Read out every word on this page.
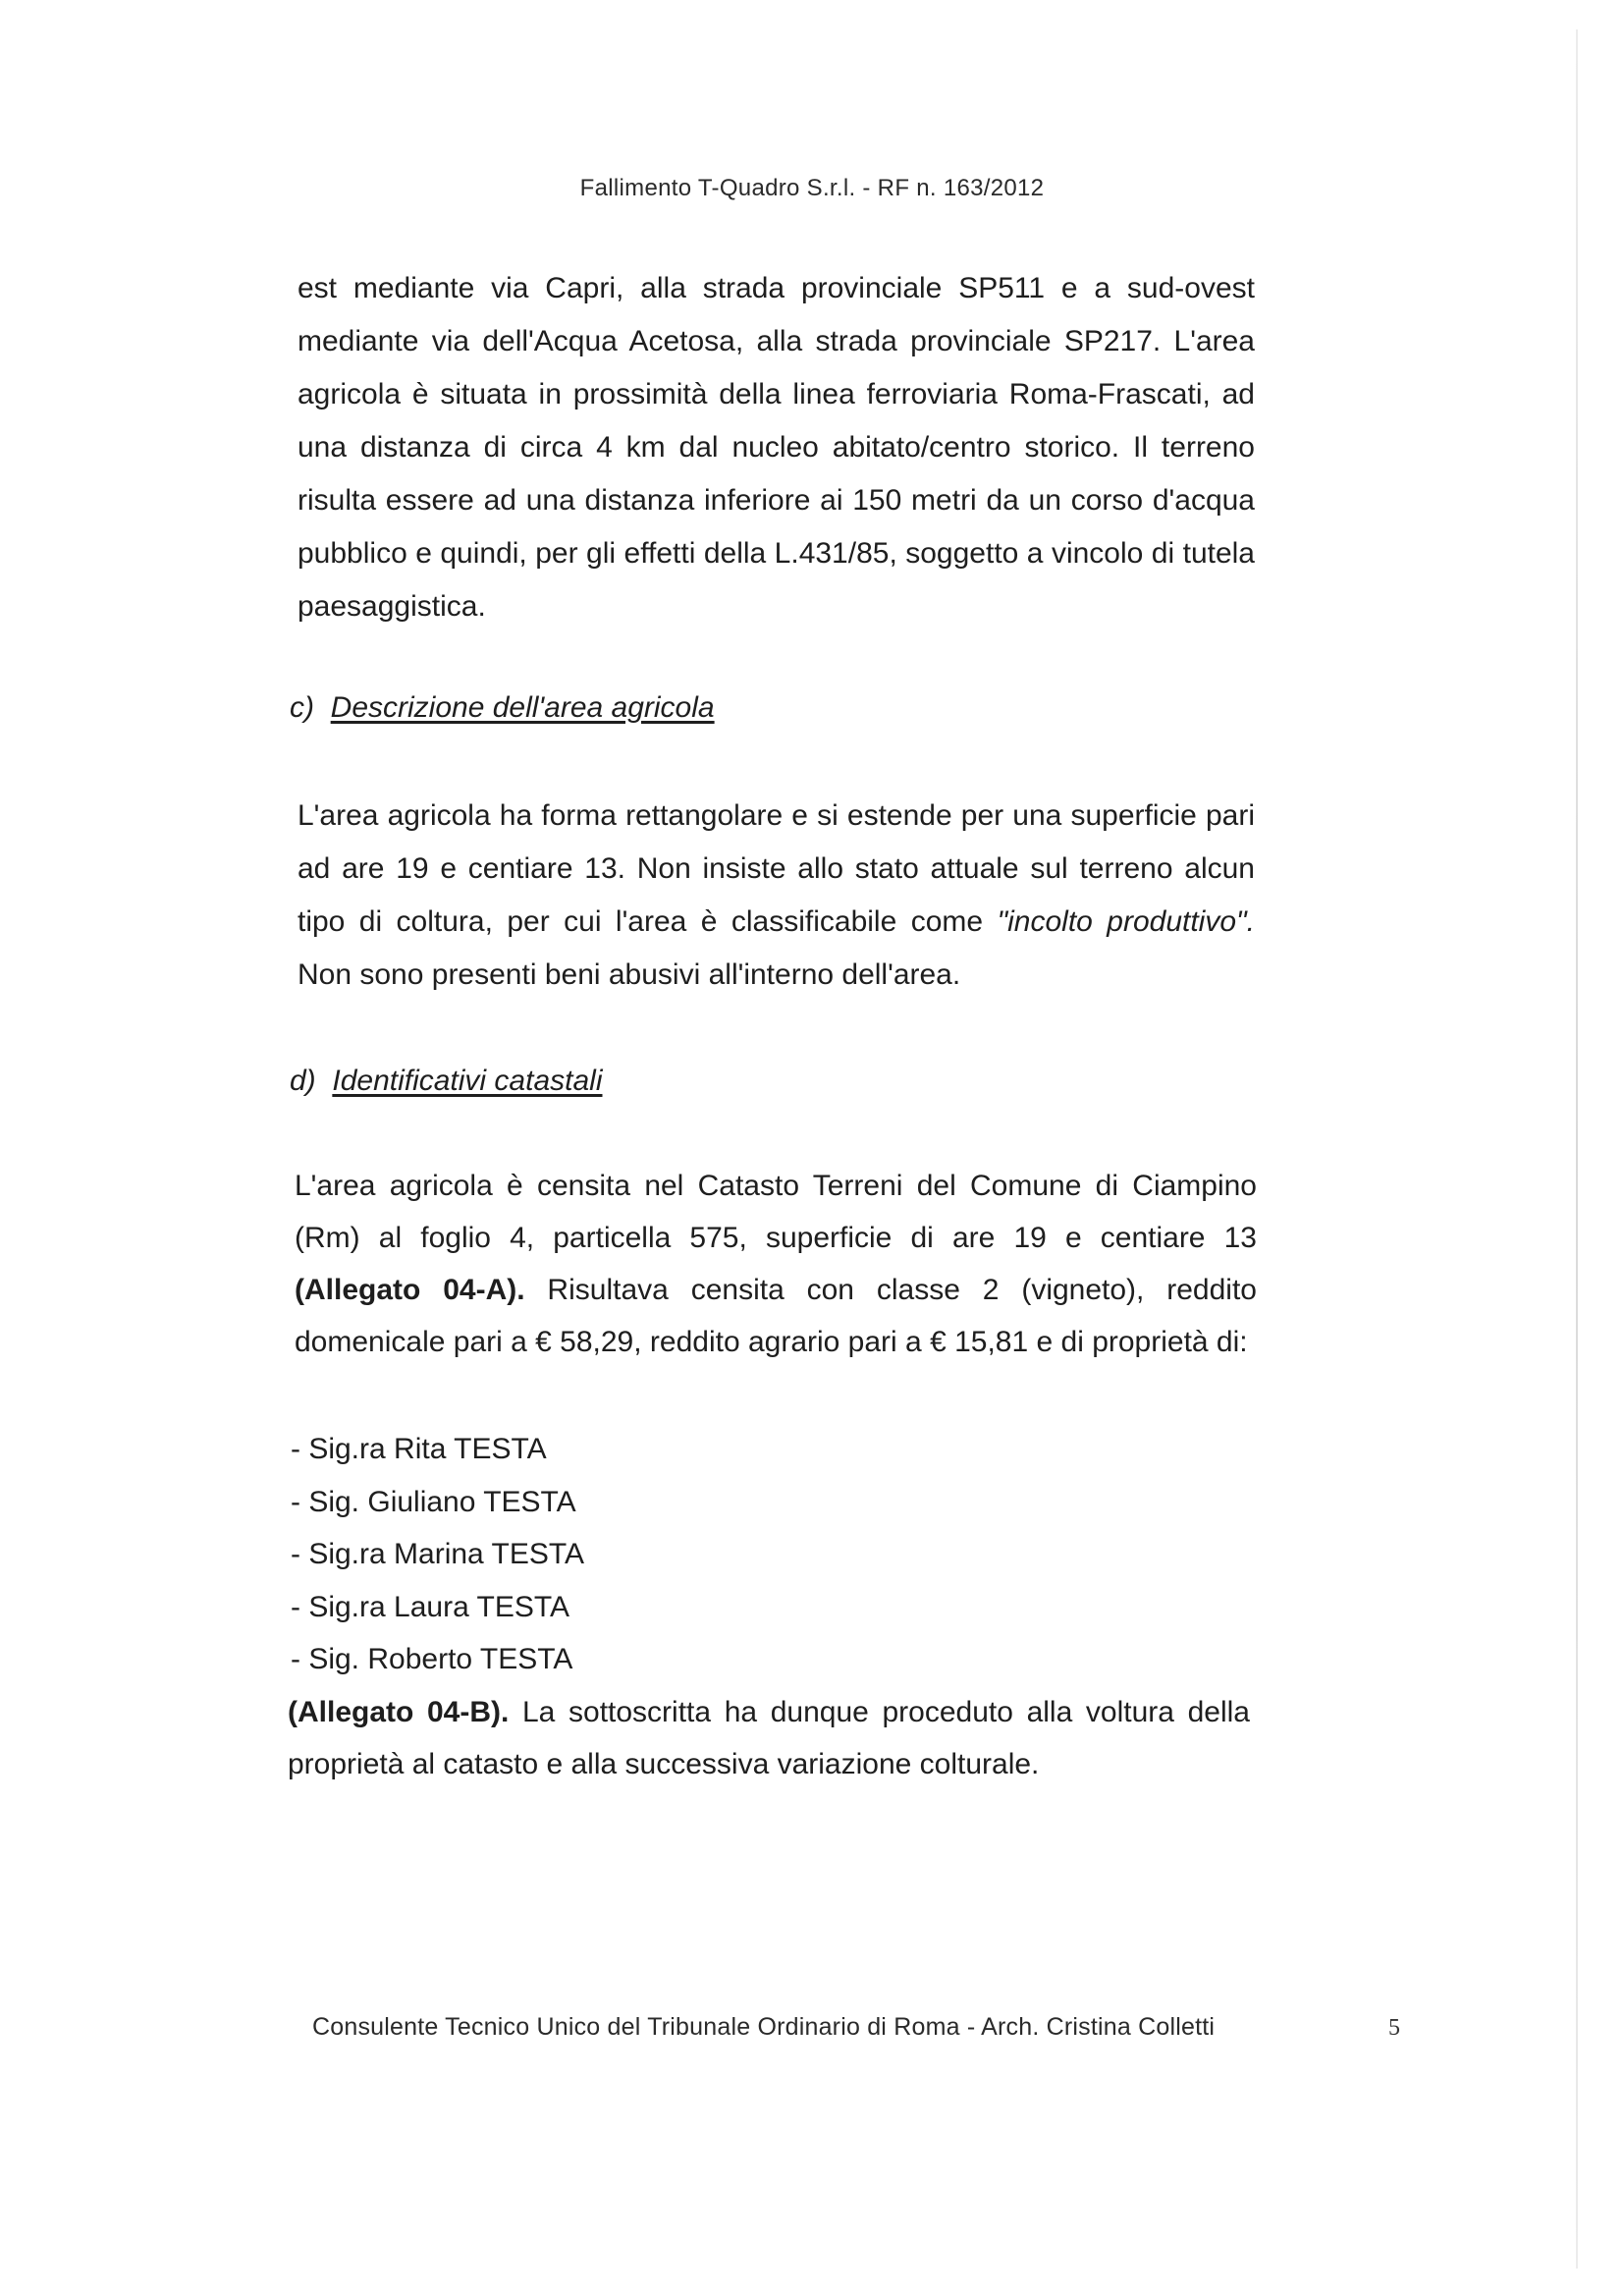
Fallimento T-Quadro S.r.l. - RF n. 163/2012

est mediante via Capri, alla strada provinciale SP511 e a sud-ovest mediante via dell'Acqua Acetosa, alla strada provinciale SP217. L'area agricola è situata in prossimità della linea ferroviaria Roma-Frascati, ad una distanza di circa 4 km dal nucleo abitato/centro storico. Il terreno risulta essere ad una distanza inferiore ai 150 metri da un corso d'acqua pubblico e quindi, per gli effetti della L.431/85, soggetto a vincolo di tutela paesaggistica.

c) Descrizione dell'area agricola

L'area agricola ha forma rettangolare e si estende per una superficie pari ad are 19 e centiare 13. Non insiste allo stato attuale sul terreno alcun tipo di coltura, per cui l'area è classificabile come "incolto produttivo". Non sono presenti beni abusivi all'interno dell'area.

d) Identificativi catastali

L'area agricola è censita nel Catasto Terreni del Comune di Ciampino (Rm) al foglio 4, particella 575, superficie di are 19 e centiare 13 (Allegato 04-A). Risultava censita con classe 2 (vigneto), reddito domenicale pari a € 58,29, reddito agrario pari a € 15,81 e di proprietà di:

- Sig.ra Rita TESTA
- Sig. Giuliano TESTA
- Sig.ra Marina TESTA
- Sig.ra Laura TESTA
- Sig. Roberto TESTA

(Allegato 04-B). La sottoscritta ha dunque proceduto alla voltura della proprietà al catasto e alla successiva variazione colturale.

Consulente Tecnico Unico del Tribunale Ordinario di Roma - Arch. Cristina Colletti	5
